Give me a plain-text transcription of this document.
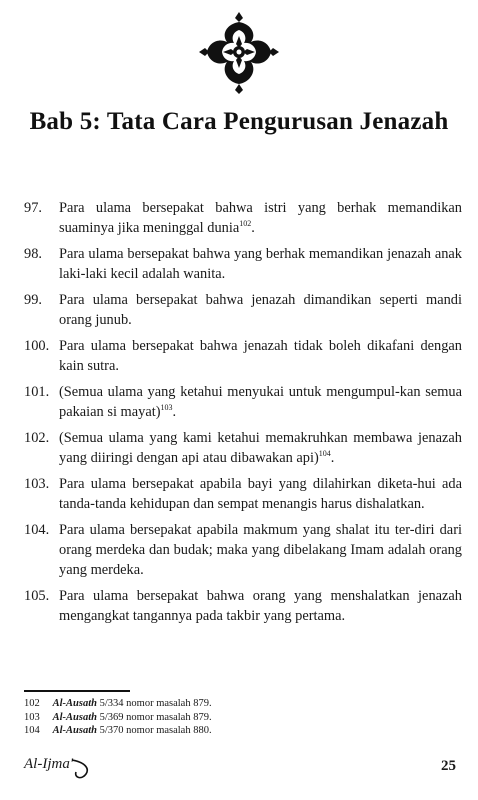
Bab 5: Tata Cara Pengurusan Jenazah
97.	Para ulama bersepakat bahwa istri yang berhak memandikan suaminya jika meninggal dunia$^{102}$.
98.	Para ulama bersepakat bahwa yang berhak memandikan jenazah anak laki-laki kecil adalah wanita.
99.	Para ulama bersepakat bahwa jenazah dimandikan seperti mandi orang junub.
100. Para ulama bersepakat bahwa jenazah tidak boleh dikafani dengan kain sutra.
101. (Semua ulama yang ketahui menyukai untuk mengumpul-kan semua pakaian si mayat)$^{103}$.
102. (Semua ulama yang kami ketahui memakruhkan membawa jenazah yang diiringi dengan api atau dibawakan api)$^{104}$.
103. Para ulama bersepakat apabila bayi yang dilahirkan diketa-hui ada tanda-tanda kehidupan dan sempat menangis harus dishalatkan.
104. Para ulama bersepakat apabila makmum yang shalat itu ter-diri dari orang merdeka dan budak; maka yang dibelakang Imam adalah orang yang merdeka.
105. Para ulama bersepakat bahwa orang yang menshalatkan jenazah mengangkat tangannya pada takbir yang pertama.
102 Al-Ausath 5/334 nomor masalah 879.
103 Al-Ausath 5/369 nomor masalah 879.
104 Al-Ausath 5/370 nomor masalah 880.
Al-Ijma'	25
